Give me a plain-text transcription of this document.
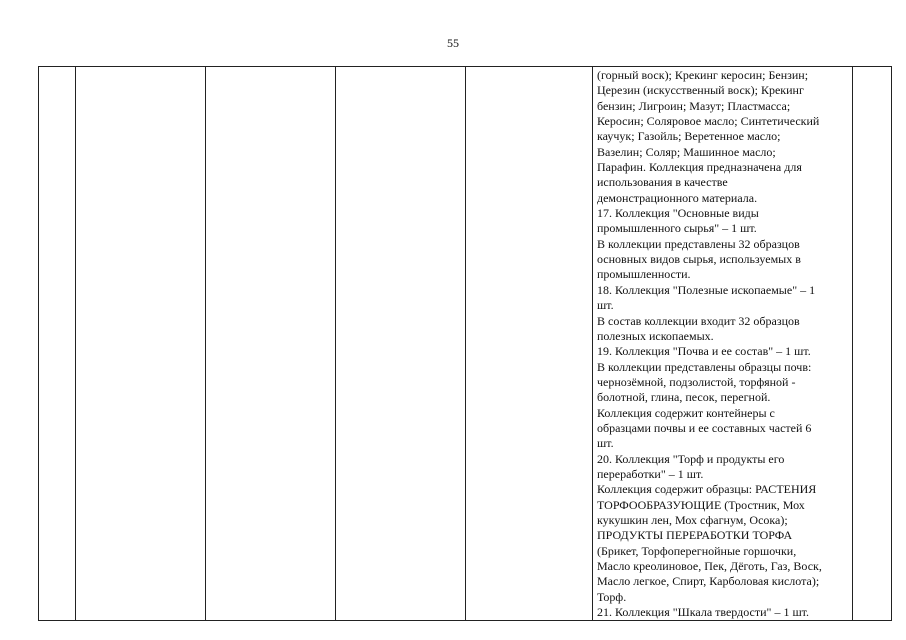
55

(горный воск); Крекинг керосин; Бензин;
Церезин (искусственный воск); Крекинг
бензин; Лигроин; Мазут; Пластмасса;
Керосин; Соляровое масло; Синтетический
каучук; Газойль; Веретенное масло;
Вазелин; Соляр; Машинное масло;
Парафин. Коллекция предназначена для
использования в качестве
демонстрационного материала.
17. Коллекция "Основные виды
промышленного сырья" – 1 шт.
В коллекции представлены 32 образцов
основных видов сырья, используемых в
промышленности.
18. Коллекция "Полезные ископаемые" – 1
шт.
В состав коллекции входит 32 образцов
полезных ископаемых.
19. Коллекция "Почва и ее состав" – 1 шт.
В коллекции представлены образцы почв:
чернозёмной, подзолистой, торфяной -
болотной, глина, песок, перегной.
Коллекция содержит контейнеры с
образцами почвы и ее составных частей 6
шт.
20. Коллекция "Торф и продукты его
переработки" – 1 шт.
Коллекция содержит образцы: РАСТЕНИЯ
ТОРФООБРАЗУЮЩИЕ (Тростник, Мох
кукушкин лен, Мох сфагнум, Осока);
ПРОДУКТЫ ПЕРЕРАБОТКИ ТОРФА
(Брикет, Торфоперегнойные горшочки,
Масло креолиновое, Пек, Дёготь, Газ, Воск,
Масло легкое, Спирт, Карболовая кислота);
Торф.
21. Коллекция "Шкала твердости" – 1 шт.
